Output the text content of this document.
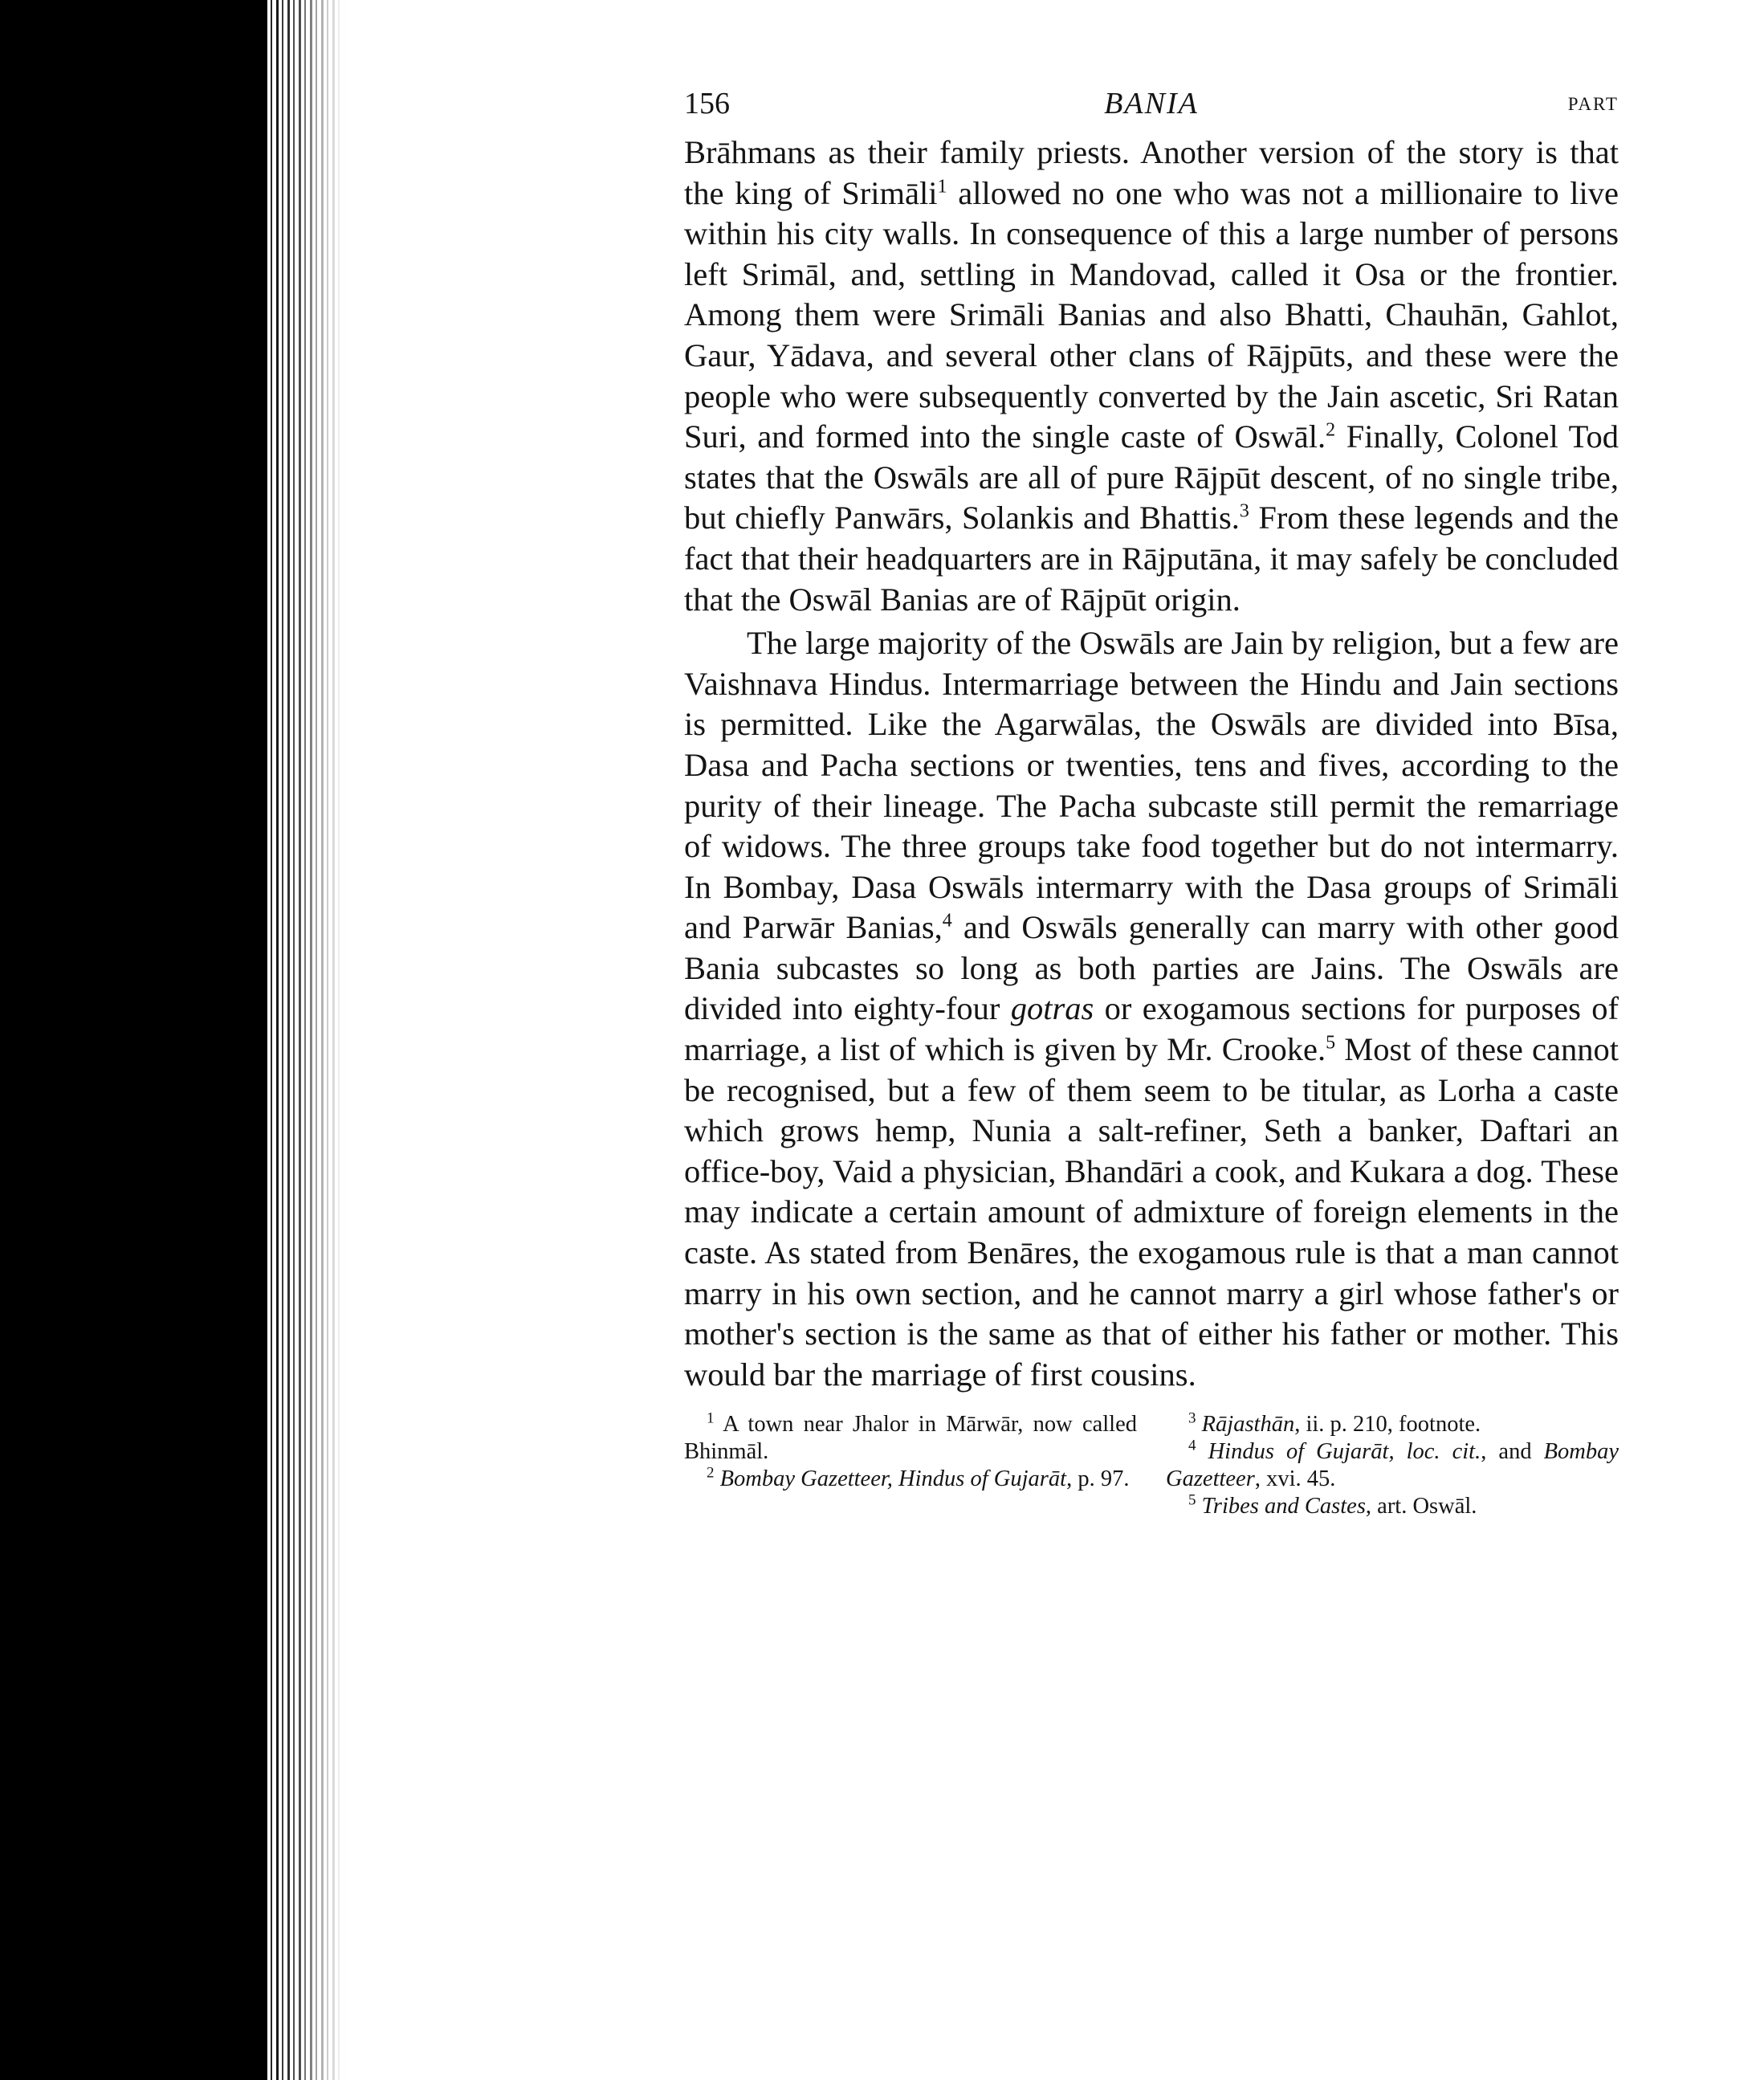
156	BANIA	PART

Brāhmans as their family priests. Another version of the story is that the king of Srimāli$^1$ allowed no one who was not a millionaire to live within his city walls. In consequence of this a large number of persons left Srimāl, and, settling in Mandovad, called it Osa or the frontier. Among them were Srimāli Banias and also Bhatti, Chauhān, Gahlot, Gaur, Yādava, and several other clans of Rājpūts, and these were the people who were subsequently converted by the Jain ascetic, Sri Ratan Suri, and formed into the single caste of Oswāl.$^2$ Finally, Colonel Tod states that the Oswāls are all of pure Rājpūt descent, of no single tribe, but chiefly Panwārs, Solankis and Bhattis.$^3$ From these legends and the fact that their headquarters are in Rājputāna, it may safely be concluded that the Oswāl Banias are of Rājpūt origin.

The large majority of the Oswāls are Jain by religion, but a few are Vaishnava Hindus. Intermarriage between the Hindu and Jain sections is permitted. Like the Agarwālas, the Oswāls are divided into Bīsa, Dasa and Pacha sections or twenties, tens and fives, according to the purity of their lineage. The Pacha subcaste still permit the remarriage of widows. The three groups take food together but do not intermarry. In Bombay, Dasa Oswāls intermarry with the Dasa groups of Srimāli and Parwār Banias,$^4$ and Oswāls generally can marry with other good Bania subcastes so long as both parties are Jains. The Oswāls are divided into eighty-four gotras or exogamous sections for purposes of marriage, a list of which is given by Mr. Crooke.$^5$ Most of these cannot be recognised, but a few of them seem to be titular, as Lorha a caste which grows hemp, Nunia a salt-refiner, Seth a banker, Daftari an office-boy, Vaid a physician, Bhandāri a cook, and Kukara a dog. These may indicate a certain amount of admixture of foreign elements in the caste. As stated from Benāres, the exogamous rule is that a man cannot marry in his own section, and he cannot marry a girl whose father's or mother's section is the same as that of either his father or mother. This would bar the marriage of first cousins.

$^1$ A town near Jhalor in Mārwār, now called Bhinmāl.

$^2$ Bombay Gazetteer, Hindus of Gujarāt, p. 97.

$^3$ Rājasthān, ii. p. 210, footnote.

$^4$ Hindus of Gujarāt, loc. cit., and Bombay Gazetteer, xvi. 45.

$^5$ Tribes and Castes, art. Oswāl.
